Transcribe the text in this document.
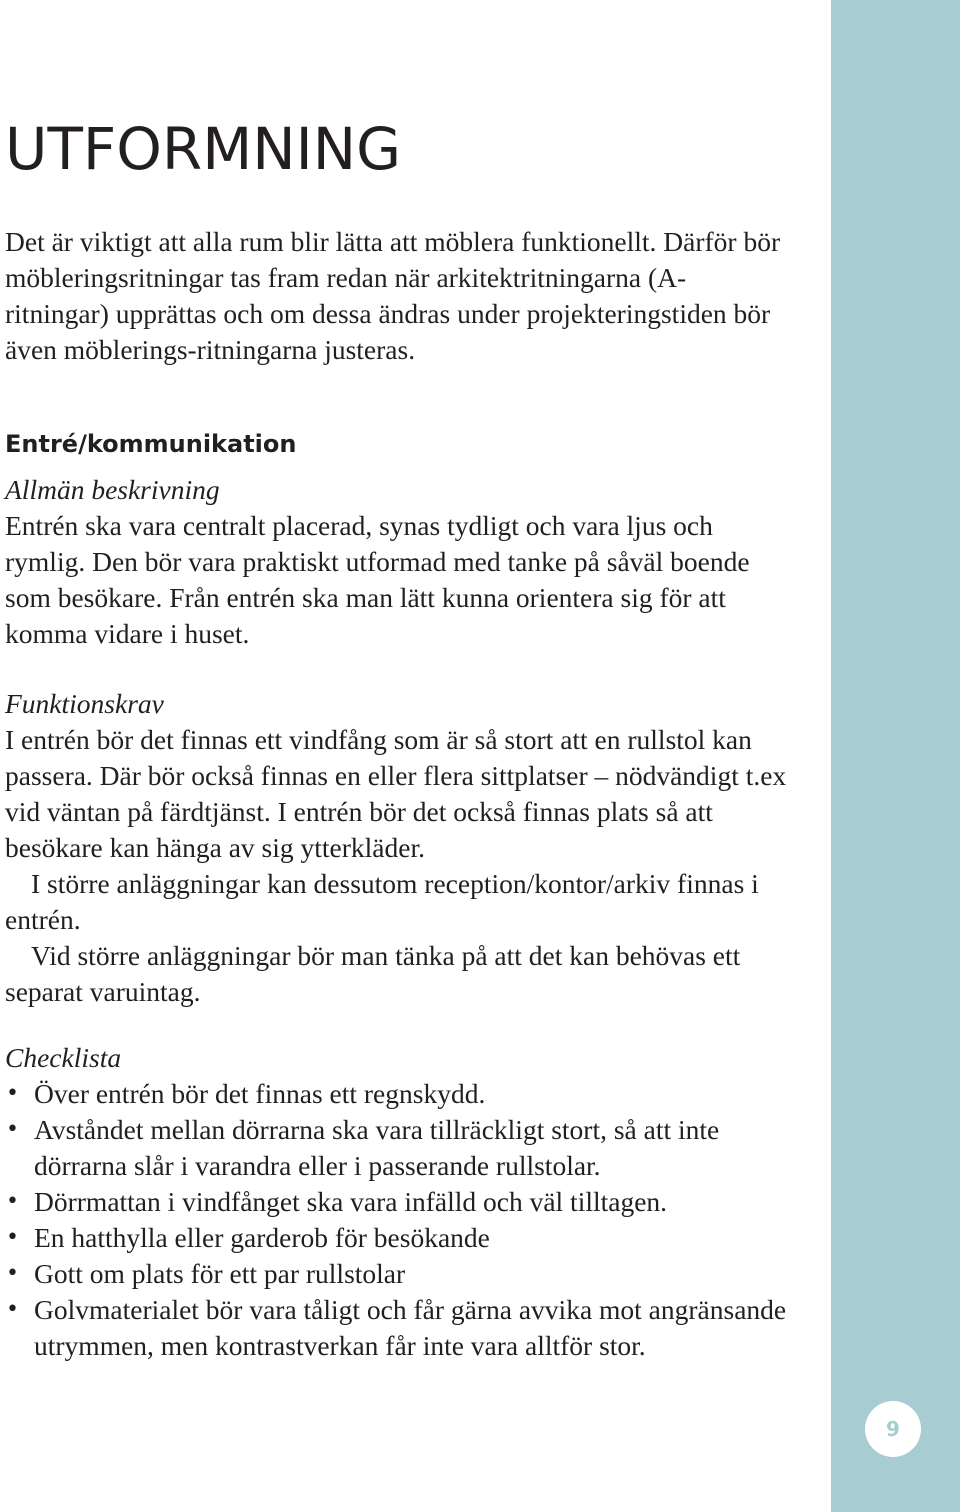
9
UTFORMNING

Det är viktigt att alla rum blir lätta att möblera funktionellt. Därför bör möbleringsritningar tas fram redan när arkitektritningarna (A-ritningar) upprättas och om dessa ändras under projekteringstiden bör även möblerings-ritningarna justeras.

Entré/kommunikation

Allmän beskrivning

Entrén ska vara centralt placerad, synas tydligt och vara ljus och rymlig. Den bör vara praktiskt utformad med tanke på såväl boende som besökare. Från entrén ska man lätt kunna orientera sig för att komma vidare i huset.

Funktionskrav

I entrén bör det finnas ett vindfång som är så stort att en rullstol kan passera. Där bör också finnas en eller flera sittplatser – nödvändigt t.ex vid väntan på färdtjänst. I entrén bör det också finnas plats så att besökare kan hänga av sig ytterkläder.

I större anläggningar kan dessutom reception/kontor/arkiv finnas i entrén.

Vid större anläggningar bör man tänka på att det kan behövas ett separat varuintag.

Checklista

• Över entrén bör det finnas ett regnskydd.
• Avståndet mellan dörrarna ska vara tillräckligt stort, så att inte dörrarna slår i varandra eller i passerande rullstolar.
• Dörrmattan i vindfånget ska vara infälld och väl tilltagen.
• En hatthylla eller garderob för besökande
• Gott om plats för ett par rullstolar
• Golvmaterialet bör vara tåligt och får gärna avvika mot angränsande utrymmen, men kontrastverkan får inte vara alltför stor.
